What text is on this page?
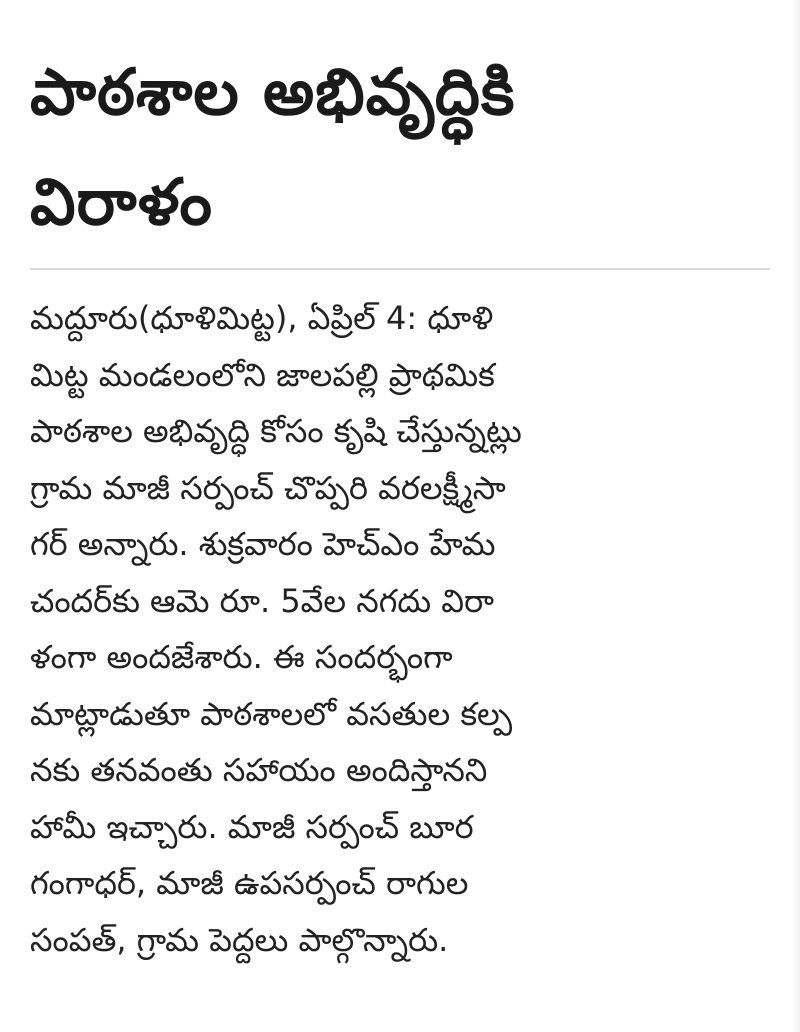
పాఠశాల అభివృద్ధికి
విరాళం
మద్దూరు(ధూళిమిట్ట), ఏప్రిల్ 4: ధూళి
మిట్ట మండలంలోని జాలపల్లి ప్రాథమిక
పాఠశాల అభివృద్ధి కోసం కృషి చేస్తున్నట్లు
గ్రామ మాజీ సర్పంచ్ చొప్పరి వరలక్ష్మీసా
గర్ అన్నారు. శుక్రవారం హెచ్‌ఎం హేమ
చందర్‌కు ఆమె రూ. 5వేల నగదు విరా
ళంగా అందజేశారు. ఈ సందర్భంగా
మాట్లాడుతూ పాఠశాలలో వసతుల కల్ప
నకు తనవంతు సహాయం అందిస్తానని
హామీ ఇచ్చారు. మాజీ సర్పంచ్ బూర
గంగాధర్, మాజీ ఉపసర్పంచ్ రాగుల
సంపత్, గ్రామ పెద్దలు పాల్గొన్నారు.
